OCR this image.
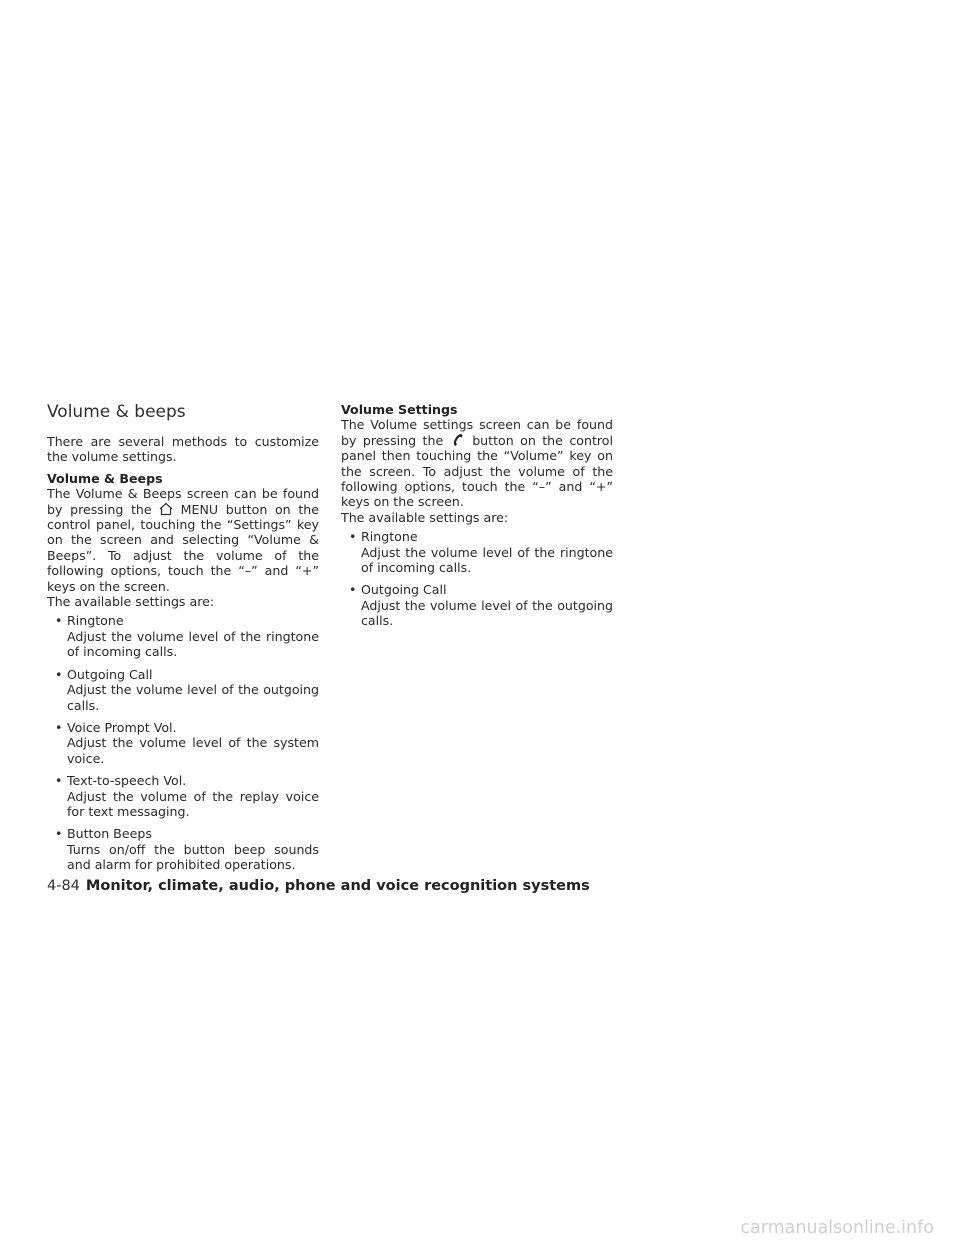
Volume & beeps

There are several methods to customize the volume settings.

Volume & Beeps

The Volume & Beeps screen can be found by pressing the MENU button on the control panel, touching the “Settings” key on the screen and selecting “Volume & Beeps”. To adjust the volume of the following options, touch the “–” and “+” keys on the screen.

The available settings are:

• Ringtone
Adjust the volume level of the ringtone of incoming calls.
• Outgoing Call
Adjust the volume level of the outgoing calls.
• Voice Prompt Vol.
Adjust the volume level of the system voice.
• Text-to-speech Vol.
Adjust the volume of the replay voice for text messaging.
• Button Beeps
Turns on/off the button beep sounds and alarm for prohibited operations.

Volume Settings

The Volume settings screen can be found by pressing the button on the control panel then touching the “Volume” key on the screen. To adjust the volume of the following options, touch the “–” and “+” keys on the screen.

The available settings are:

• Ringtone
Adjust the volume level of the ringtone of incoming calls.
• Outgoing Call
Adjust the volume level of the outgoing calls.
4-84 Monitor, climate, audio, phone and voice recognition systems
carmanualsonline.info
